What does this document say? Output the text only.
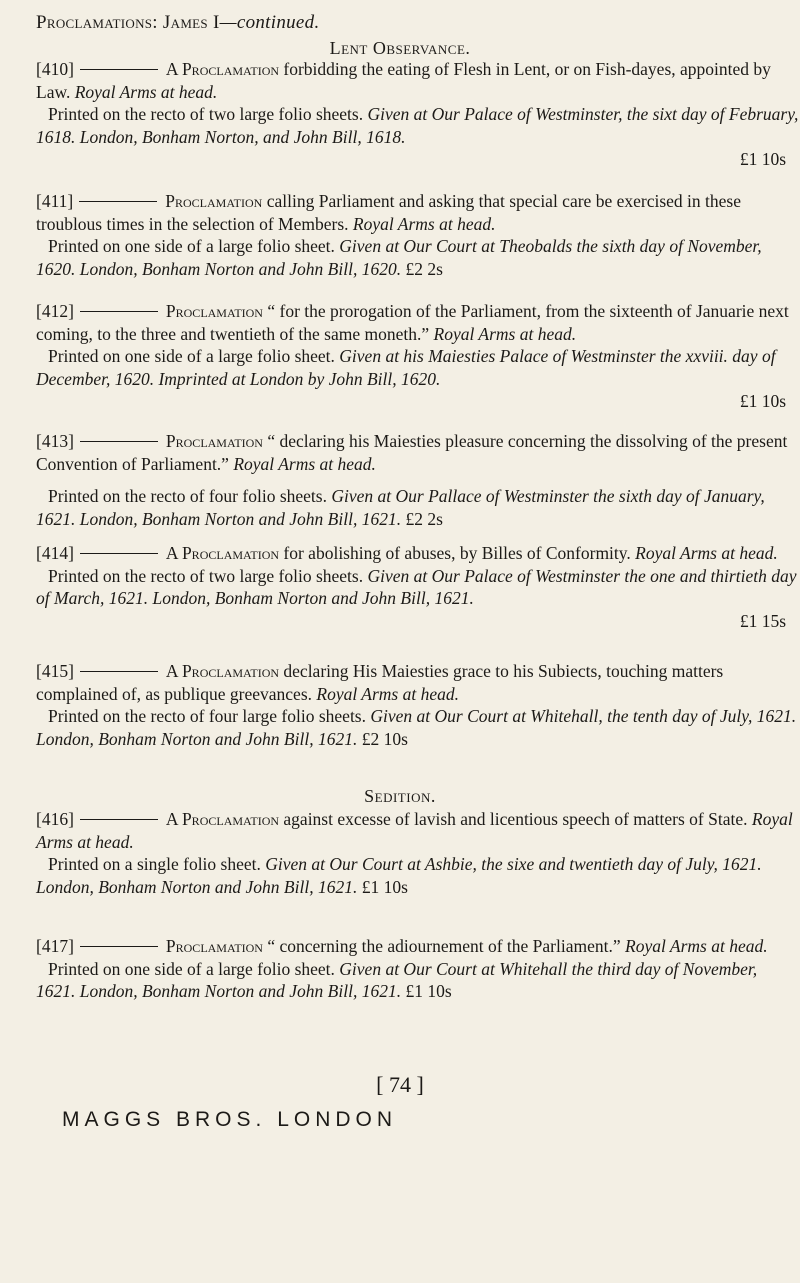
Proclamations: James I—continued.
Lent Observance.

[410]	A Proclamation forbidding the eating of Flesh in Lent, or on Fish-dayes, appointed by Law. Royal Arms at head.

Printed on the recto of two large folio sheets. Given at Our Palace of Westminster, the sixt day of February, 1618. London, Bonham Norton, and John Bill, 1618.

£1 10s

[411]	Proclamation calling Parliament and asking that special care be exercised in these troublous times in the selection of Members. Royal Arms at head.

Printed on one side of a large folio sheet. Given at Our Court at Theobalds the sixth day of November, 1620. London, Bonham Norton and John Bill, 1620. £2 2s

[412]	Proclamation “ for the prorogation of the Parliament, from the sixteenth of Januarie next coming, to the three and twentieth of the same moneth.” Royal Arms at head.

Printed on one side of a large folio sheet. Given at his Maiesties Palace of Westminster the xxviii. day of December, 1620. Imprinted at London by John Bill, 1620.

£1 10s

[413]	Proclamation “ declaring his Maiesties pleasure concerning the dissolving of the present Convention of Parliament.” Royal Arms at head.

Printed on the recto of four folio sheets. Given at Our Pallace of Westminster the sixth day of January, 1621. London, Bonham Norton and John Bill, 1621. £2 2s

[414]	A Proclamation for abolishing of abuses, by Billes of Conformity. Royal Arms at head.

Printed on the recto of two large folio sheets. Given at Our Palace of Westminster the one and thirtieth day of March, 1621. London, Bonham Norton and John Bill, 1621.

£1 15s

[415]	A Proclamation declaring His Maiesties grace to his Subiects, touching matters complained of, as publique greevances. Royal Arms at head.

Printed on the recto of four large folio sheets. Given at Our Court at Whitehall, the tenth day of July, 1621. London, Bonham Norton and John Bill, 1621. £2 10s

Sedition.

[416]	A Proclamation against excesse of lavish and licentious speech of matters of State. Royal Arms at head.

Printed on a single folio sheet. Given at Our Court at Ashbie, the sixe and twentieth day of July, 1621. London, Bonham Norton and John Bill, 1621. £1 10s

[417]	Proclamation “ concerning the adiournement of the Parliament.” Royal Arms at head.

Printed on one side of a large folio sheet. Given at Our Court at Whitehall the third day of November, 1621. London, Bonham Norton and John Bill, 1621. £1 10s

[ 74 ]
MAGGS BROS. LONDON
